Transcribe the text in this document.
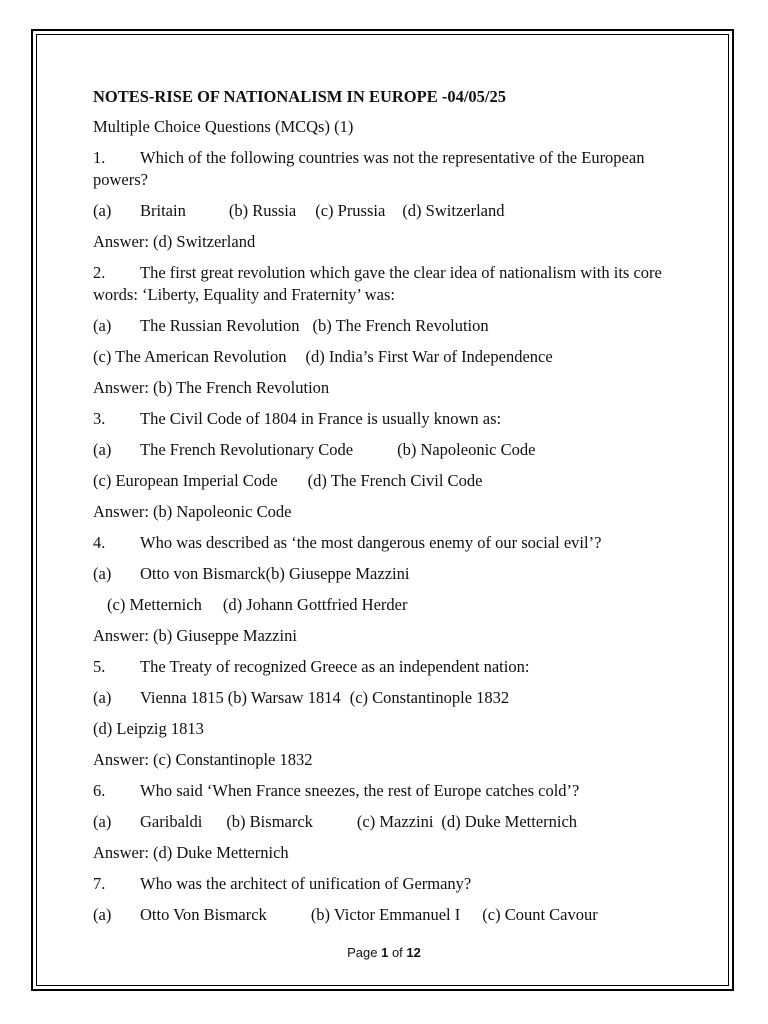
NOTES-RISE OF NATIONALISM IN EUROPE -04/05/25

Multiple Choice Questions (MCQs) (1)

1. Which of the following countries was not the representative of the European powers?

(a) Britain	(b) Russia (c) Prussia (d) Switzerland

Answer: (d) Switzerland

2. The first great revolution which gave the clear idea of nationalism with its core words: ‘Liberty, Equality and Fraternity’ was:

(a) The Russian Revolution (b) The French Revolution

(c) The American Revolution (d) India’s First War of Independence

Answer: (b) The French Revolution

3. The Civil Code of 1804 in France is usually known as:

(a) The French Revolutionary Code	(b) Napoleonic Code

(c) European Imperial Code (d) The French Civil Code

Answer: (b) Napoleonic Code

4. Who was described as ‘the most dangerous enemy of our social evil’?

(a) Otto von Bismarck(b) Giuseppe Mazzini

(c) Metternich (d) Johann Gottfried Herder

Answer: (b) Giuseppe Mazzini

5. The Treaty of recognized Greece as an independent nation:

(a) Vienna 1815 (b) Warsaw 1814 (c) Constantinople 1832

(d) Leipzig 1813

Answer: (c) Constantinople 1832

6. Who said ‘When France sneezes, the rest of Europe catches cold’?

(a) Garibaldi (b) Bismarck	(c) Mazzini (d) Duke Metternich

Answer: (d) Duke Metternich

7. Who was the architect of unification of Germany?

(a) Otto Von Bismarck	(b) Victor Emmanuel I (c) Count Cavour

Page 1 of 12
